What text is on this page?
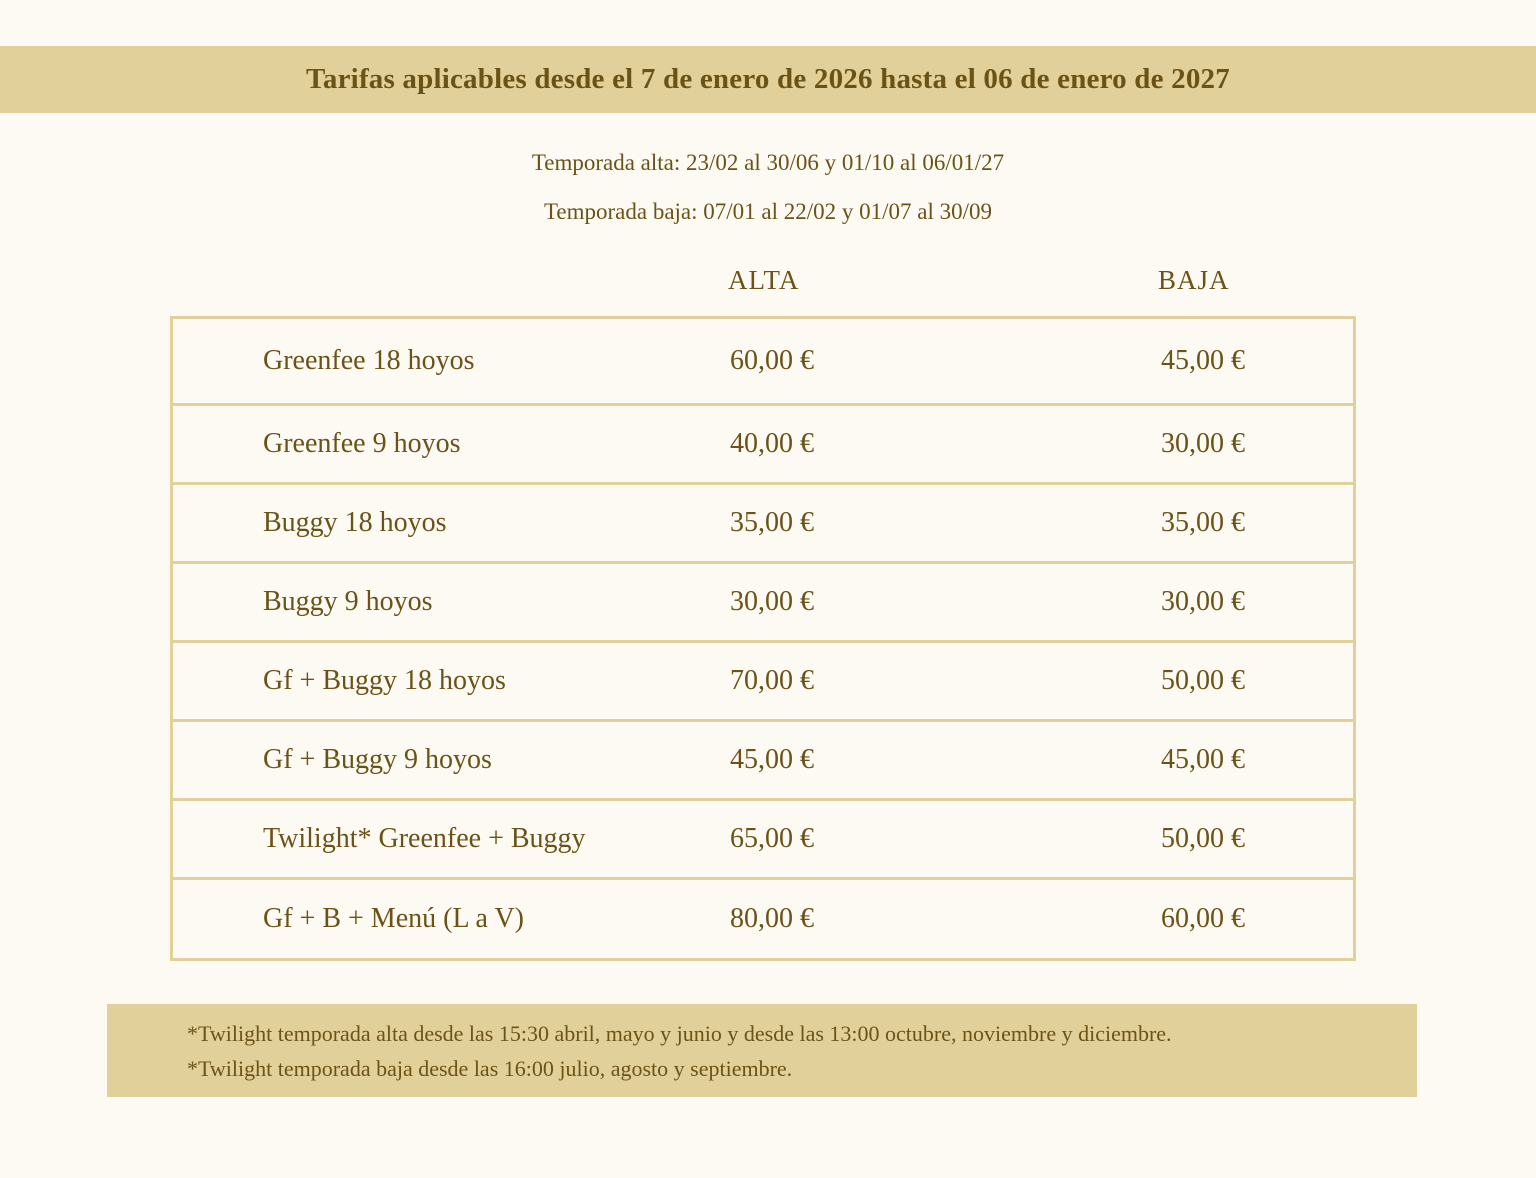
Tarifas aplicables desde el 7 de enero de 2026 hasta el 06 de enero de 2027
Temporada alta: 23/02 al 30/06 y 01/10 al 06/01/27
Temporada baja: 07/01 al 22/02 y 01/07 al 30/09
ALTA	BAJA
Greenfee 18 hoyos	60,00 €	45,00 €
Greenfee 9 hoyos	40,00 €	30,00 €
Buggy 18 hoyos	35,00 €	35,00 €
Buggy 9 hoyos	30,00 €	30,00 €
Gf + Buggy 18 hoyos	70,00 €	50,00 €
Gf + Buggy 9 hoyos	45,00 €	45,00 €
Twilight* Greenfee + Buggy	65,00 €	50,00 €
Gf + B + Menú (L a V)	80,00 €	60,00 €
*Twilight temporada alta desde las 15:30 abril, mayo y junio y desde las 13:00 octubre, noviembre y diciembre.
*Twilight temporada baja desde las 16:00 julio, agosto y septiembre.
